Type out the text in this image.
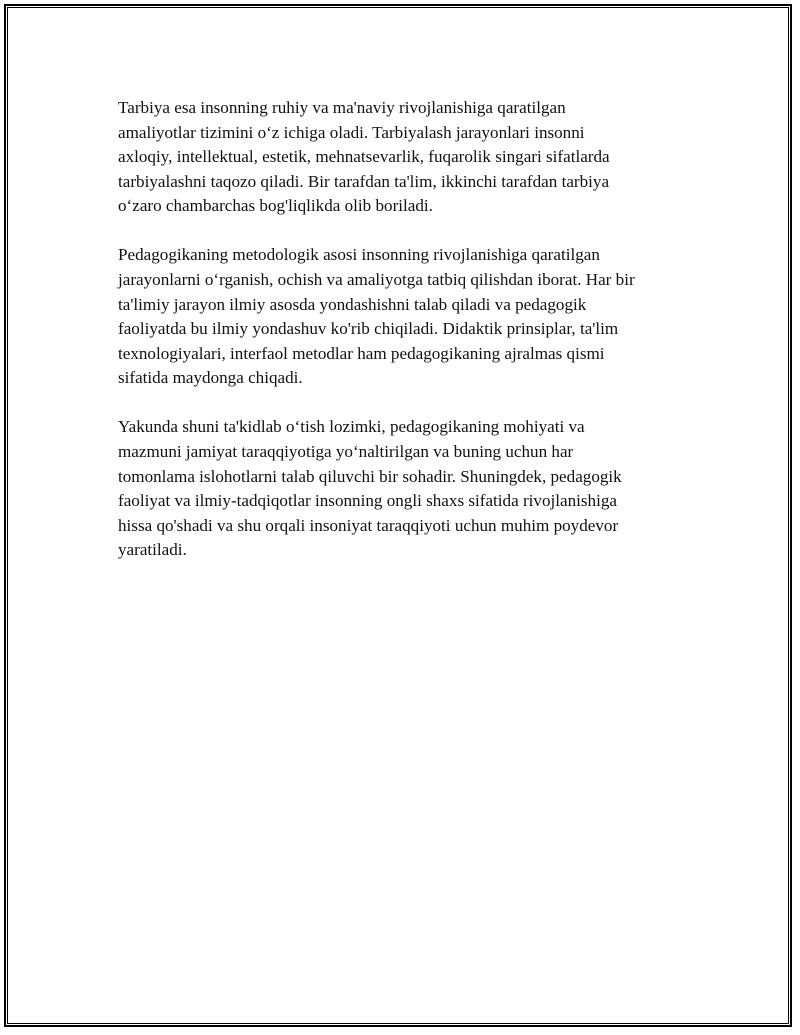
Tarbiya esa insonning ruhiy va ma'naviy rivojlanishiga qaratilgan
amaliyotlar tizimini oʻz ichiga oladi. Tarbiyalash jarayonlari insonni
axloqiy, intellektual, estetik, mehnatsevarlik, fuqarolik singari sifatlarda
tarbiyalashni taqozo qiladi. Bir tarafdan ta'lim, ikkinchi tarafdan tarbiya
oʻzaro chambarchas bog'liqlikda olib boriladi.

Pedagogikaning metodologik asosi insonning rivojlanishiga qaratilgan
jarayonlarni oʻrganish, ochish va amaliyotga tatbiq qilishdan iborat. Har bir
ta'limiy jarayon ilmiy asosda yondashishni talab qiladi va pedagogik
faoliyatda bu ilmiy yondashuv ko'rib chiqiladi. Didaktik prinsiplar, ta'lim
texnologiyalari, interfaol metodlar ham pedagogikaning ajralmas qismi
sifatida maydonga chiqadi.

Yakunda shuni ta'kidlab oʻtish lozimki, pedagogikaning mohiyati va
mazmuni jamiyat taraqqiyotiga yoʻnaltirilgan va buning uchun har
tomonlama islohotlarni talab qiluvchi bir sohadir. Shuningdek, pedagogik
faoliyat va ilmiy-tadqiqotlar insonning ongli shaxs sifatida rivojlanishiga
hissa qo'shadi va shu orqali insoniyat taraqqiyoti uchun muhim poydevor
yaratiladi.
